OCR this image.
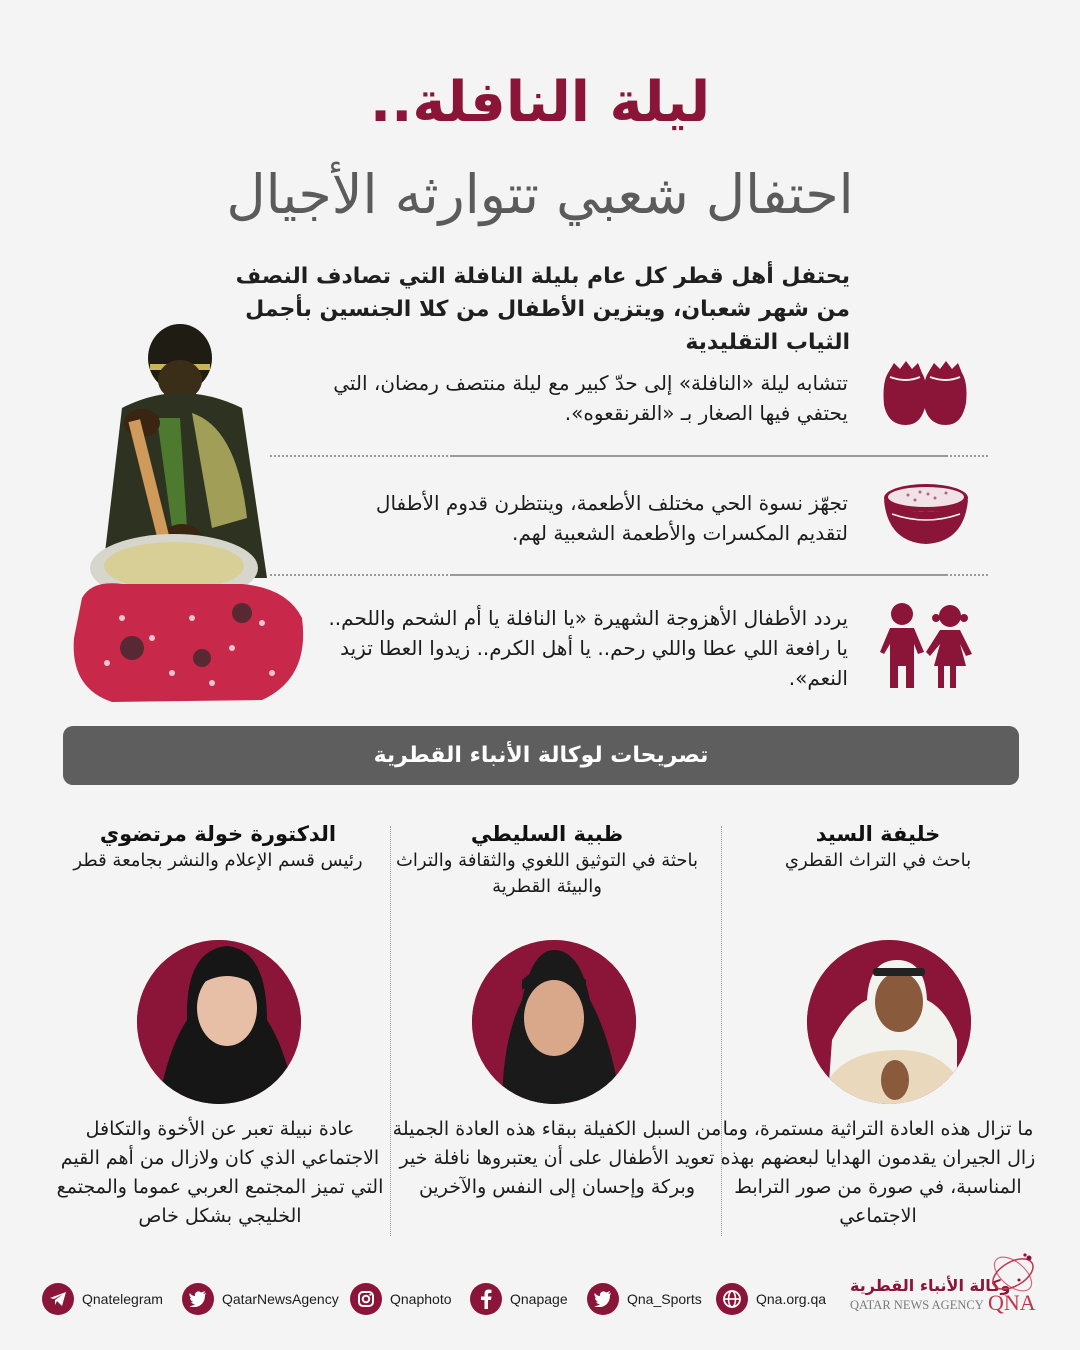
ليلة النافلة..
احتفال شعبي تتوارثه الأجيال
يحتفل أهل قطر كل عام بليلة النافلة التي تصادف النصف من شهر شعبان، ويتزين الأطفال من كلا الجنسين بأجمل الثياب التقليدية
تتشابه ليلة «النافلة» إلى حدّ كبير مع ليلة منتصف رمضان، التي يحتفي فيها الصغار بـ «القرنقعوه».
تجهّز نسوة الحي مختلف الأطعمة، وينتظرن قدوم الأطفال لتقديم المكسرات والأطعمة الشعبية لهم.
يردد الأطفال الأهزوجة الشهيرة «يا النافلة يا أم الشحم واللحم.. يا رافعة اللي عطا واللي رحم.. يا أهل الكرم.. زيدوا العطا تزيد النعم».
تصريحات لوكالة الأنباء القطرية
خليفة السيد
باحث في التراث القطري
ظبية السليطي
باحثة في التوثيق اللغوي والثقافة والتراث والبيئة القطرية
الدكتورة خولة مرتضوي
رئيس قسم الإعلام والنشر بجامعة قطر
ما تزال هذه العادة التراثية مستمرة، وما زال الجيران يقدمون الهدايا لبعضهم بهذه المناسبة، في صورة من صور الترابط الاجتماعي
من السبل الكفيلة ببقاء هذه العادة الجميلة تعويد الأطفال على أن يعتبروها نافلة خير وبركة وإحسان إلى النفس والآخرين
عادة نبيلة تعبر عن الأخوة والتكافل الاجتماعي الذي كان ولازال من أهم القيم التي تميز المجتمع العربي عموما والمجتمع الخليجي بشكل خاص
Qnatelegram	QatarNewsAgency	Qnaphoto	Qnapage	Qna_Sports	Qna.org.qa
وكالة الأنباء القطرية
QATAR NEWS AGENCY QNA
